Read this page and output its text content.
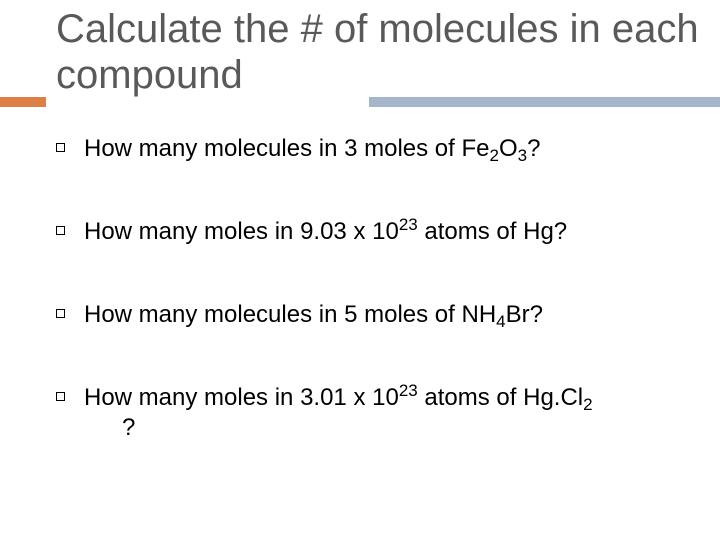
Calculate the # of molecules in each compound
How many molecules in 3 moles of $Fe_2O_3$?
How many moles in 9.03 x $10^{23}$ atoms of Hg?
How many molecules in 5 moles of $NH_4Br$?
How many moles in 3.01 x $10^{23}$ atoms of $Hg.Cl_2$
?
